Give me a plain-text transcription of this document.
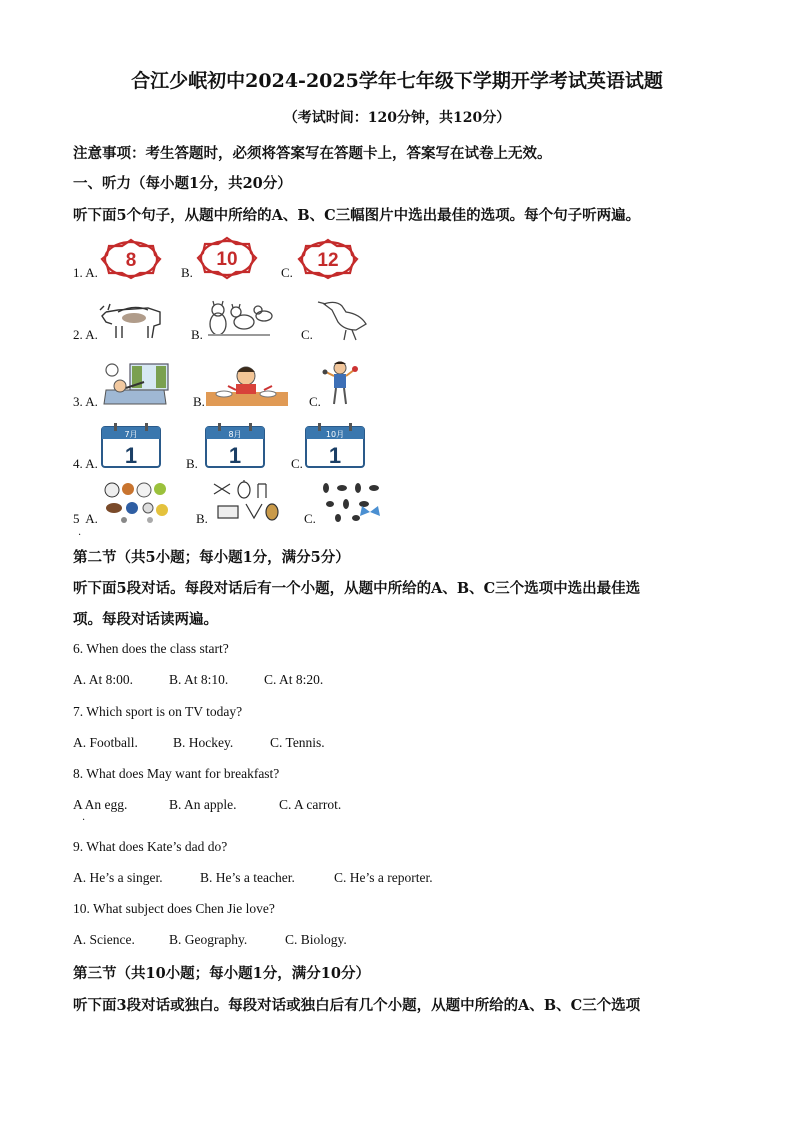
合江少岷初中2024-2025学年七年级下学期开学考试英语试题
（考试时间：120分钟，共120分）
注意事项：考生答题时，必须将答案写在答题卡上，答案写在试卷上无效。
一、听力（每小题1分，共20分）
听下面5个句子，从题中所给的A、B、C三幅图片中选出最佳的选项。每个句子听两遍。
1. A.	B.	C.
8	10	12
2. A.	B.	C.
3. A.	B.	C.
4. A.	B.	C.
7月
1
8月
1
10月
1
5 A.	B.	C.
.
第二节（共5小题；每小题1分，满分5分）
听下面5段对话。每段对话后有一个小题，从题中所给的A、B、C三个选项中选出最佳选
项。每段对话读两遍。
6. When does the class start?
A. At 8:00.	B. At 8:10.	C. At 8:20.
7. Which sport is on TV today?
A. Football.	B. Hockey.	C. Tennis.
8. What does May want for breakfast?
A An egg.	B. An apple.	C. A carrot.
.
9. What does Kate’s dad do?
A. He’s a singer.	B. He’s a teacher.	C. He’s a reporter.
10. What subject does Chen Jie love?
A. Science.	B. Geography.	C. Biology.
第三节（共10小题；每小题1分，满分10分）
听下面3段对话或独白。每段对话或独白后有几个小题，从题中所给的A、B、C三个选项
